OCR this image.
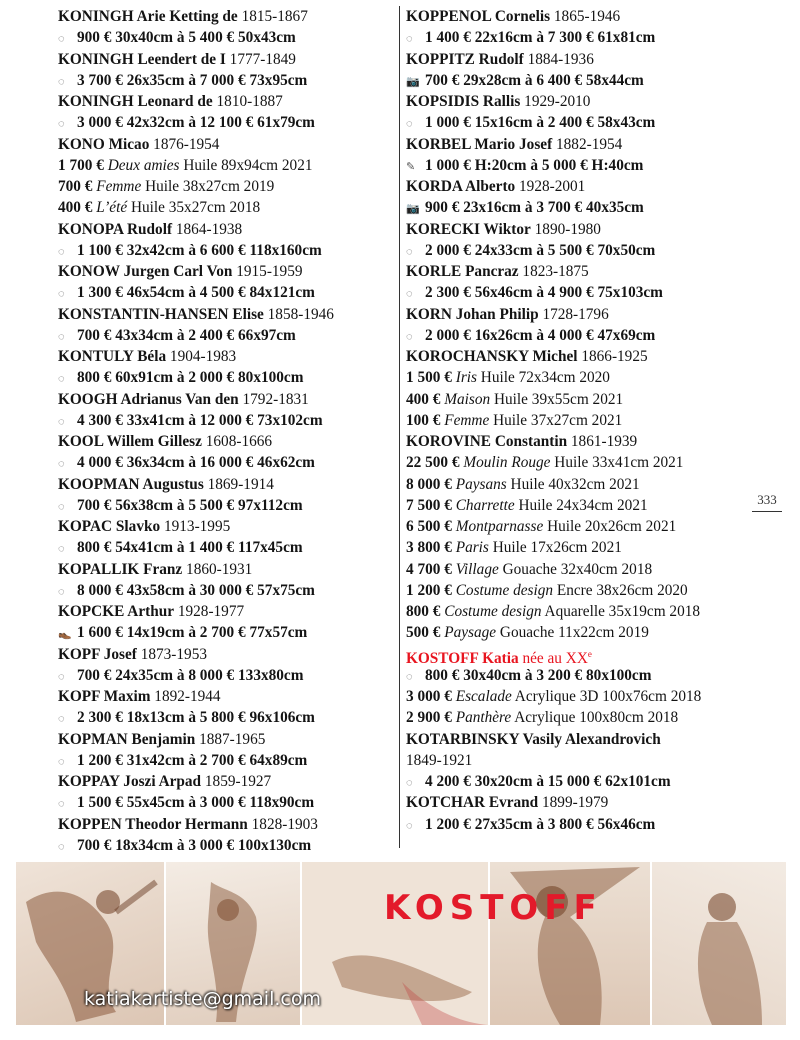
KONINGH Arie Ketting de 1815-1867
◌ 900 € 30x40cm à 5 400 € 50x43cm
KONINGH Leendert de I 1777-1849
◌ 3 700 € 26x35cm à 7 000 € 73x95cm
KONINGH Leonard de 1810-1887
◌ 3 000 € 42x32cm à 12 100 € 61x79cm
KONO Micao 1876-1954
1 700 € Deux amies Huile 89x94cm 2021
700 € Femme Huile 38x27cm 2019
400 € L’été Huile 35x27cm 2018
KONOPA Rudolf 1864-1938
◌ 1 100 € 32x42cm à 6 600 € 118x160cm
KONOW Jurgen Carl Von 1915-1959
◌ 1 300 € 46x54cm à 4 500 € 84x121cm
KONSTANTIN-HANSEN Elise 1858-1946
◌ 700 € 43x34cm à 2 400 € 66x97cm
KONTULY Béla 1904-1983
◌ 800 € 60x91cm à 2 000 € 80x100cm
KOOGH Adrianus Van den 1792-1831
◌ 4 300 € 33x41cm à 12 000 € 73x102cm
KOOL Willem Gillesz 1608-1666
◌ 4 000 € 36x34cm à 16 000 € 46x62cm
KOOPMAN Augustus 1869-1914
◌ 700 € 56x38cm à 5 500 € 97x112cm
KOPAC Slavko 1913-1995
◌ 800 € 54x41cm à 1 400 € 117x45cm
KOPALLIK Franz 1860-1931
◌ 8 000 € 43x58cm à 30 000 € 57x75cm
KOPCKE Arthur 1928-1977
👞 1 600 € 14x19cm à 2 700 € 77x57cm
KOPF Josef 1873-1953
◌ 700 € 24x35cm à 8 000 € 133x80cm
KOPF Maxim 1892-1944
◌ 2 300 € 18x13cm à 5 800 € 96x106cm
KOPMAN Benjamin 1887-1965
◌ 1 200 € 31x42cm à 2 700 € 64x89cm
KOPPAY Joszi Arpad 1859-1927
◌ 1 500 € 55x45cm à 3 000 € 118x90cm
KOPPEN Theodor Hermann 1828-1903
◌ 700 € 18x34cm à 3 000 € 100x130cm
KOPPENOL Cornelis 1865-1946
◌ 1 400 € 22x16cm à 7 300 € 61x81cm
KOPPITZ Rudolf 1884-1936
📷 700 € 29x28cm à 6 400 € 58x44cm
KOPSIDIS Rallis 1929-2010
◌ 1 000 € 15x16cm à 2 400 € 58x43cm
KORBEL Mario Josef 1882-1954
✎ 1 000 € H:20cm à 5 000 € H:40cm
KORDA Alberto 1928-2001
📷 900 € 23x16cm à 3 700 € 40x35cm
KORECKI Wiktor 1890-1980
◌ 2 000 € 24x33cm à 5 500 € 70x50cm
KORLE Pancraz 1823-1875
◌ 2 300 € 56x46cm à 4 900 € 75x103cm
KORN Johan Philip 1728-1796
◌ 2 000 € 16x26cm à 4 000 € 47x69cm
KOROCHANSKY Michel 1866-1925
1 500 € Iris Huile 72x34cm 2020
400 € Maison Huile 39x55cm 2021
100 € Femme Huile 37x27cm 2021
KOROVINE Constantin 1861-1939
22 500 € Moulin Rouge Huile 33x41cm 2021
8 000 € Paysans Huile 40x32cm 2021
7 500 € Charrette Huile 24x34cm 2021
6 500 € Montparnasse Huile 20x26cm 2021
3 800 € Paris Huile 17x26cm 2021
4 700 € Village Gouache 32x40cm 2018
1 200 € Costume design Encre 38x26cm 2020
800 € Costume design Aquarelle 35x19cm 2018
500 € Paysage Gouache 11x22cm 2019
KOSTOFF Katia née au XXe
◌ 800 € 30x40cm à 3 200 € 80x100cm
3 000 € Escalade Acrylique 3D 100x76cm 2018
2 900 € Panthère Acrylique 100x80cm 2018
KOTARBINSKY Vasily Alexandrovich
1849-1921
◌ 4 200 € 30x20cm à 15 000 € 62x101cm
KOTCHAR Evrand 1899-1979
◌ 1 200 € 27x35cm à 3 800 € 56x46cm
333
KOSTOFF
katiakartiste@gmail.com
